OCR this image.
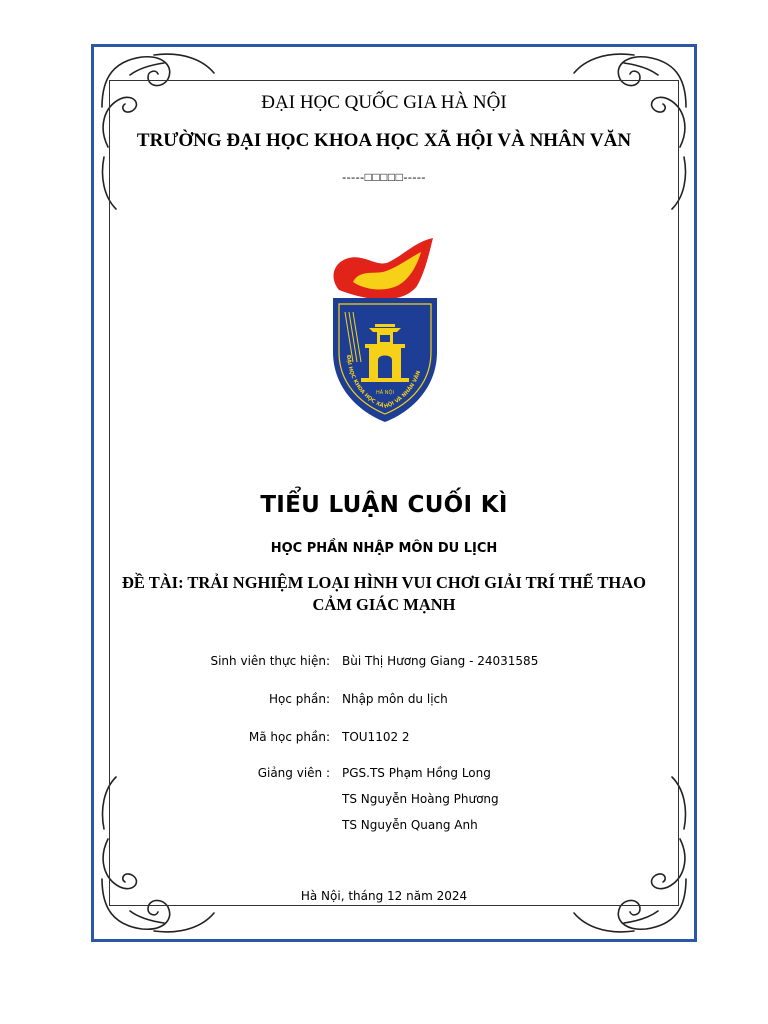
ĐẠI HỌC QUỐC GIA HÀ NỘI

TRƯỜNG ĐẠI HỌC KHOA HỌC XÃ HỘI VÀ NHÂN VĂN

-----□□□□□-----

HÀ NỘI
ĐẠI HỌC KHOA HỌC XÃ HỘI VÀ NHÂN VĂN

TIỂU LUẬN CUỐI KÌ

HỌC PHẦN NHẬP MÔN DU LỊCH

ĐỀ TÀI: TRẢI NGHIỆM LOẠI HÌNH VUI CHƠI GIẢI TRÍ THỂ THAO
CẢM GIÁC MẠNH
Sinh viên thực hiện: Bùi Thị Hương Giang - 24031585
Học phần: Nhập môn du lịch
Mã học phần: TOU1102 2
Giảng viên : PGS.TS Phạm Hồng Long
TS Nguyễn Hoàng Phương
TS Nguyễn Quang Anh

Hà Nội, tháng 12 năm 2024
